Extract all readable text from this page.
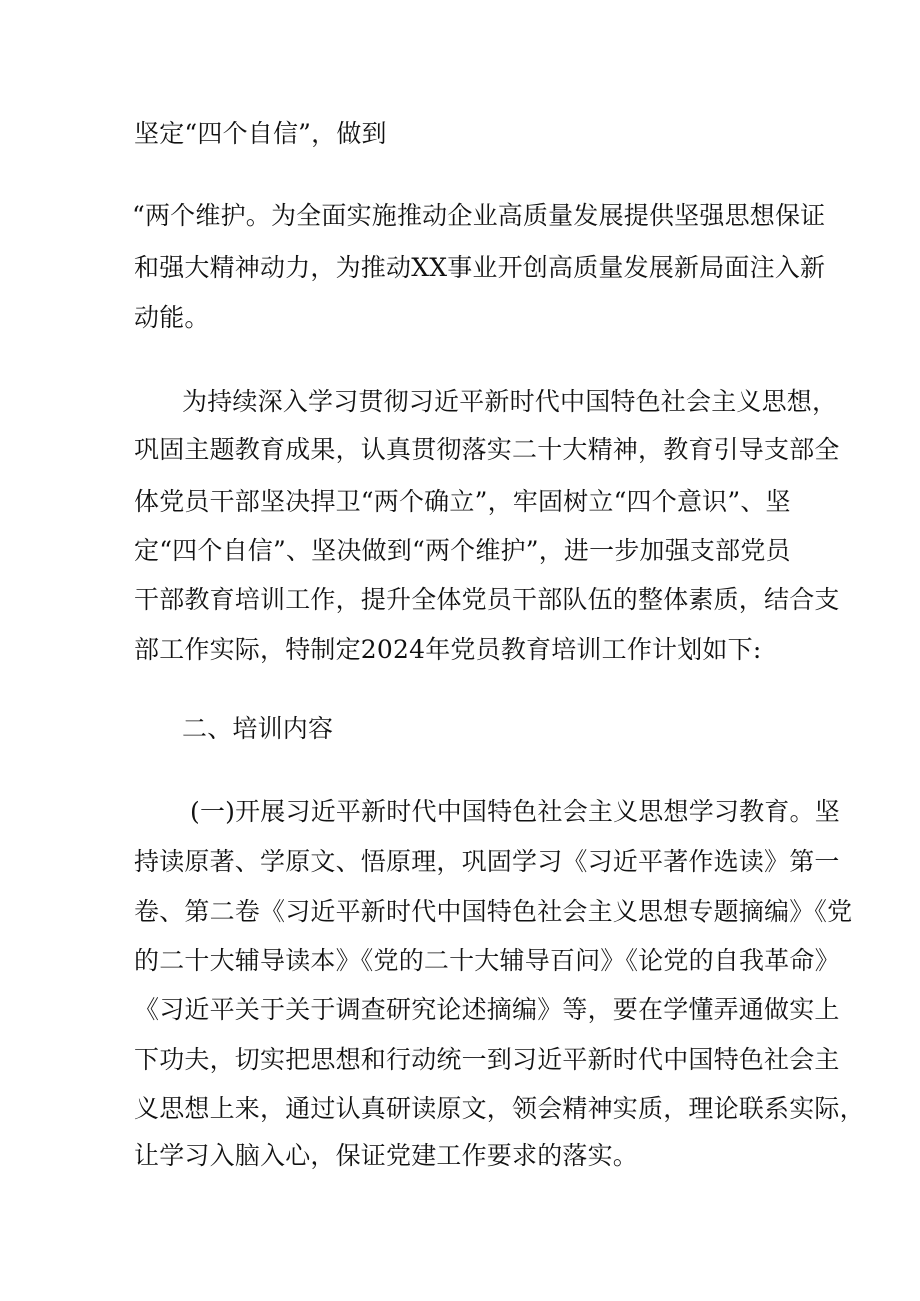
坚定“四个自信”，做到
“两个维护。为全面实施推动企业高质量发展提供坚强思想保证
和强大精神动力，为推动XX事业开创高质量发展新局面注入新
动能。
为持续深入学习贯彻习近平新时代中国特色社会主义思想，
巩固主题教育成果，认真贯彻落实二十大精神，教育引导支部全
体党员干部坚决捍卫“两个确立”，牢固树立“四个意识”、坚
定“四个自信”、坚决做到“两个维护”，进一步加强支部党员
干部教育培训工作，提升全体党员干部队伍的整体素质，结合支
部工作实际，特制定2024年党员教育培训工作计划如下:
二、培训内容
(一)开展习近平新时代中国特色社会主义思想学习教育。坚
持读原著、学原文、悟原理，巩固学习《习近平著作选读》第一
卷、第二卷《习近平新时代中国特色社会主义思想专题摘编》《党
的二十大辅导读本》《党的二十大辅导百问》《论党的自我革命》
《习近平关于关于调查研究论述摘编》等，要在学懂弄通做实上
下功夫，切实把思想和行动统一到习近平新时代中国特色社会主
义思想上来，通过认真研读原文，领会精神实质，理论联系实际，
让学习入脑入心，保证党建工作要求的落实。
